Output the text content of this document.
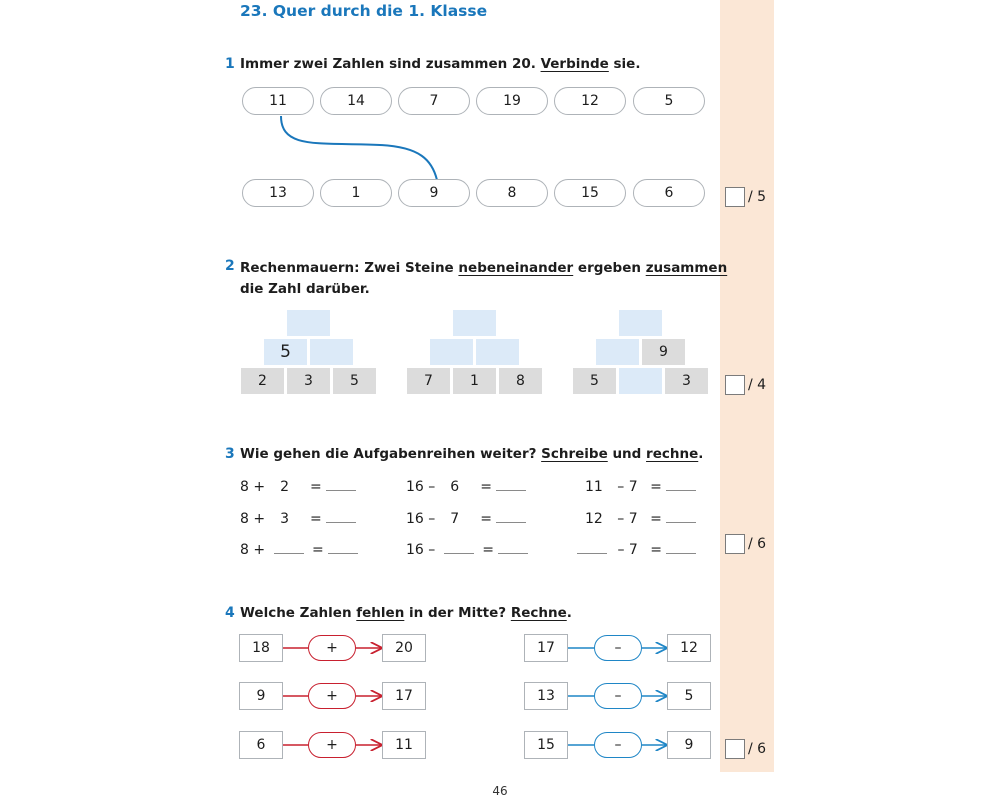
23. Quer durch die 1. Klasse
1 Immer zwei Zahlen sind zusammen 20. Verbinde sie.
11	14	7	19	12	5
13	1	9	8	15	6	/ 5
2 Rechenmauern: Zwei Steine nebeneinander ergeben zusammen
die Zahl darüber.
5
2	3	5	7	1	8
9
5	3	/ 4
3 Wie gehen die Aufgabenreihen weiter? Schreibe und rechne.
8 + 2 =
8 + 3 =
8 +	=
16 – 6 =
16 – 7 =
16 –	=
11 – 7 =
12 – 7 =
– 7 =	/ 6
4 Welche Zahlen fehlen in der Mitte? Rechne.
18	+	20
9	+	17
6	+	11
17	–	12
13	–	5
15	–	9	/ 6
46
